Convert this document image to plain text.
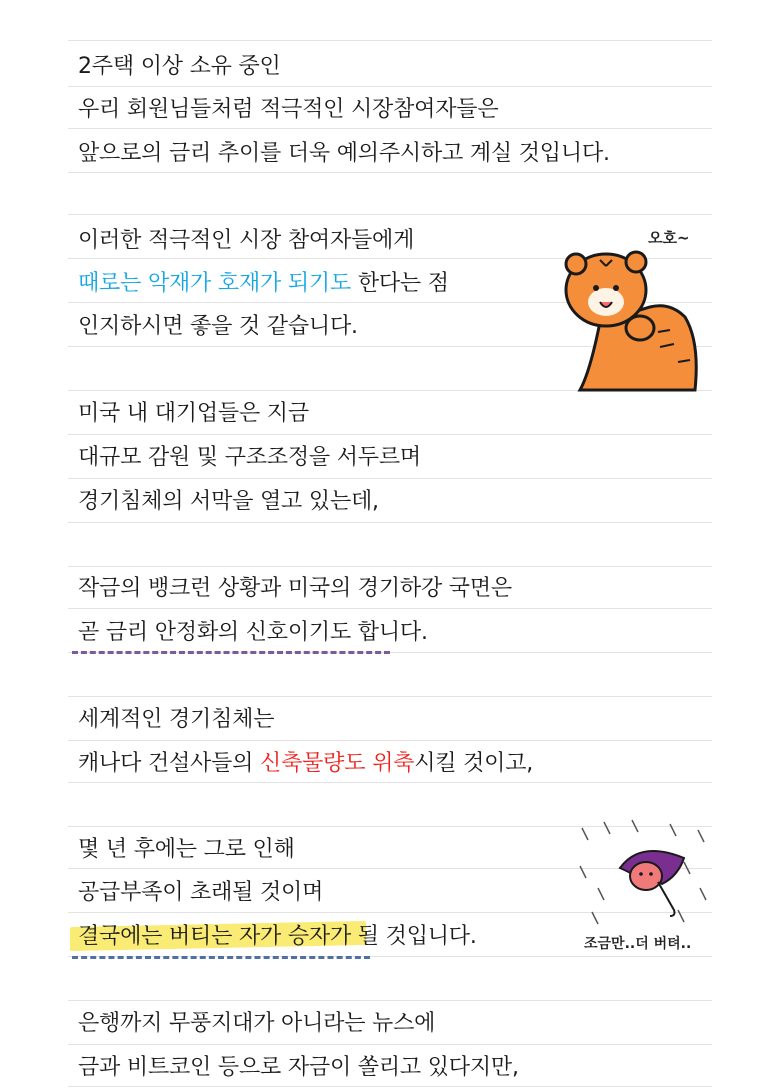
2주택 이상 소유 중인
우리 회원님들처럼 적극적인 시장참여자들은
앞으로의 금리 추이를 더욱 예의주시하고 계실 것입니다.
이러한 적극적인 시장 참여자들에게
때로는 악재가 호재가 되기도 한다는 점
인지하시면 좋을 것 같습니다.
미국 내 대기업들은 지금
대규모 감원 및 구조조정을 서두르며
경기침체의 서막을 열고 있는데,
작금의 뱅크런 상황과 미국의 경기하강 국면은
곧 금리 안정화의 신호이기도 합니다.
세계적인 경기침체는
캐나다 건설사들의 신축물량도 위축시킬 것이고,
몇 년 후에는 그로 인해
공급부족이 초래될 것이며
결국에는 버티는 자가 승자가 될 것입니다.
은행까지 무풍지대가 아니라는 뉴스에
금과 비트코인 등으로 자금이 쏠리고 있다지만,
오호~
조금만..더 버텨..
